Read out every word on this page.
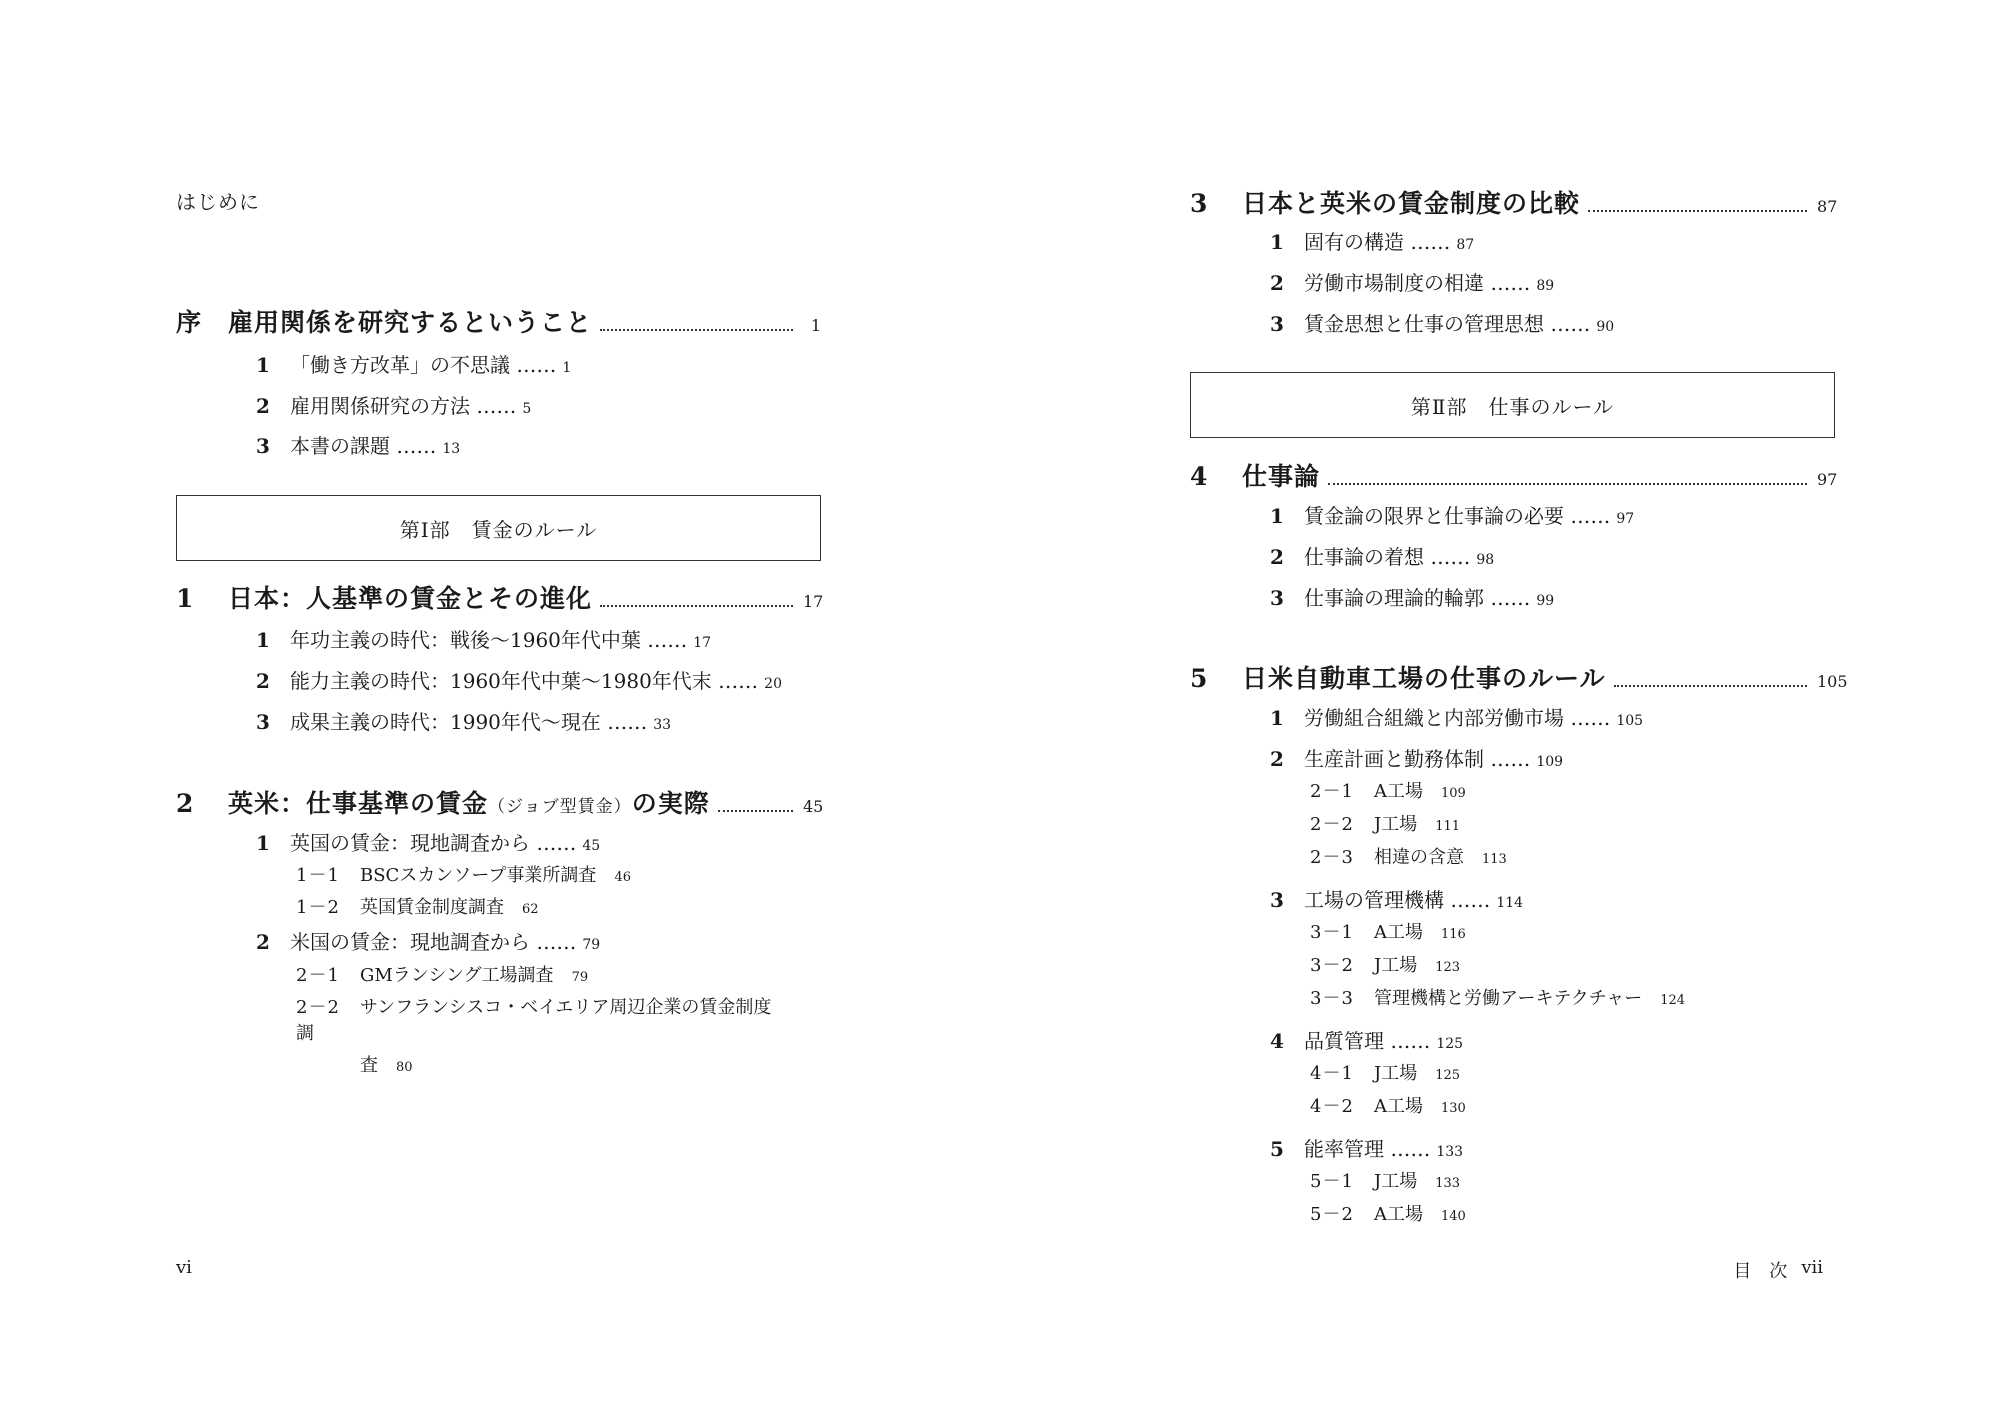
はじめに
序	雇用関係を研究するということ	1
1 「働き方改革」の不思議 …… 1
2 雇用関係研究の方法 …… 5
3 本書の課題 …… 13
第Ⅰ部　賃金のルール
1	日本：人基準の賃金とその進化	17
1 年功主義の時代：戦後〜1960年代中葉 …… 17
2 能力主義の時代：1960年代中葉〜1980年代末 …… 20
3 成果主義の時代：1990年代〜現在 …… 33
2	英米：仕事基準の賃金（ジョブ型賃金）の実際	45
1 英国の賃金：現地調査から …… 45
1－1 BSCスカンソープ事業所調査 46
1－2 英国賃金制度調査 62
2 米国の賃金：現地調査から …… 79
2－1 GMランシング工場調査 79
2－2 サンフランシスコ・ベイエリア周辺企業の賃金制度調
査 80
vi
3	日本と英米の賃金制度の比較	87
1 固有の構造 …… 87
2 労働市場制度の相違 …… 89
3 賃金思想と仕事の管理思想 …… 90
第Ⅱ部　仕事のルール
4	仕事論	97
1 賃金論の限界と仕事論の必要 …… 97
2 仕事論の着想 …… 98
3 仕事論の理論的輪郭 …… 99
5	日米自動車工場の仕事のルール	105
1 労働組合組織と内部労働市場 …… 105
2 生産計画と勤務体制 …… 109
2－1 A工場 109
2－2 J工場 111
2－3 相違の含意 113
3 工場の管理機構 …… 114
3－1 A工場 116
3－2 J工場 123
3－3 管理機構と労働アーキテクチャー 124
4 品質管理 …… 125
4－1 J工場 125
4－2 A工場 130
5 能率管理 …… 133
5－1 J工場 133
5－2 A工場 140
目　次 vii
